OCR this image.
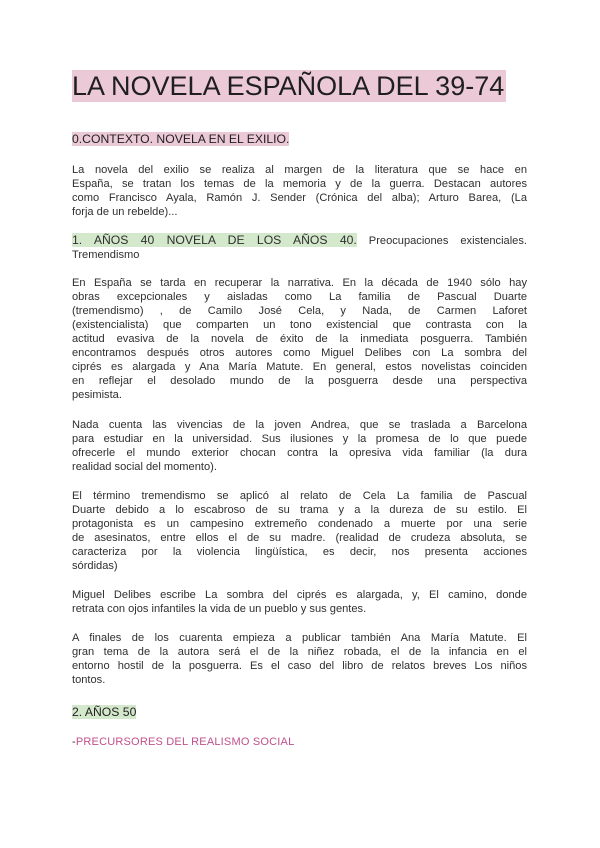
LA NOVELA ESPAÑOLA DEL 39-74
0.CONTEXTO. NOVELA EN EL EXILIO.
La novela del exilio se realiza al margen de la literatura que se hace en
España, se tratan los temas de la memoria y de la guerra. Destacan autores
como Francisco Ayala, Ramón J. Sender (Crónica del alba); Arturo Barea, (La
forja de un rebelde)...
1. AÑOS 40 NOVELA DE LOS AÑOS 40. Preocupaciones existenciales.
Tremendismo
En España se tarda en recuperar la narrativa. En la década de 1940 sólo hay
obras excepcionales y aisladas como La familia de Pascual Duarte
(tremendismo) , de Camilo José Cela, y Nada, de Carmen Laforet
(existencialista) que comparten un tono existencial que contrasta con la
actitud evasiva de la novela de éxito de la inmediata posguerra. También
encontramos después otros autores como Miguel Delibes con La sombra del
ciprés es alargada y Ana María Matute. En general, estos novelistas coinciden
en reflejar el desolado mundo de la posguerra desde una perspectiva
pesimista.
Nada cuenta las vivencias de la joven Andrea, que se traslada a Barcelona
para estudiar en la universidad. Sus ilusiones y la promesa de lo que puede
ofrecerle el mundo exterior chocan contra la opresiva vida familiar (la dura
realidad social del momento).
El término tremendismo se aplicó al relato de Cela La familia de Pascual
Duarte debido a lo escabroso de su trama y a la dureza de su estilo. El
protagonista es un campesino extremeño condenado a muerte por una serie
de asesinatos, entre ellos el de su madre. (realidad de crudeza absoluta, se
caracteriza por la violencia lingüística, es decir, nos presenta acciones
sórdidas)
Miguel Delibes escribe La sombra del ciprés es alargada, y, El camino, donde
retrata con ojos infantiles la vida de un pueblo y sus gentes.
A finales de los cuarenta empieza a publicar también Ana María Matute. El
gran tema de la autora será el de la niñez robada, el de la infancia en el
entorno hostil de la posguerra. Es el caso del libro de relatos breves Los niños
tontos.
2. AÑOS 50
-PRECURSORES DEL REALISMO SOCIAL
